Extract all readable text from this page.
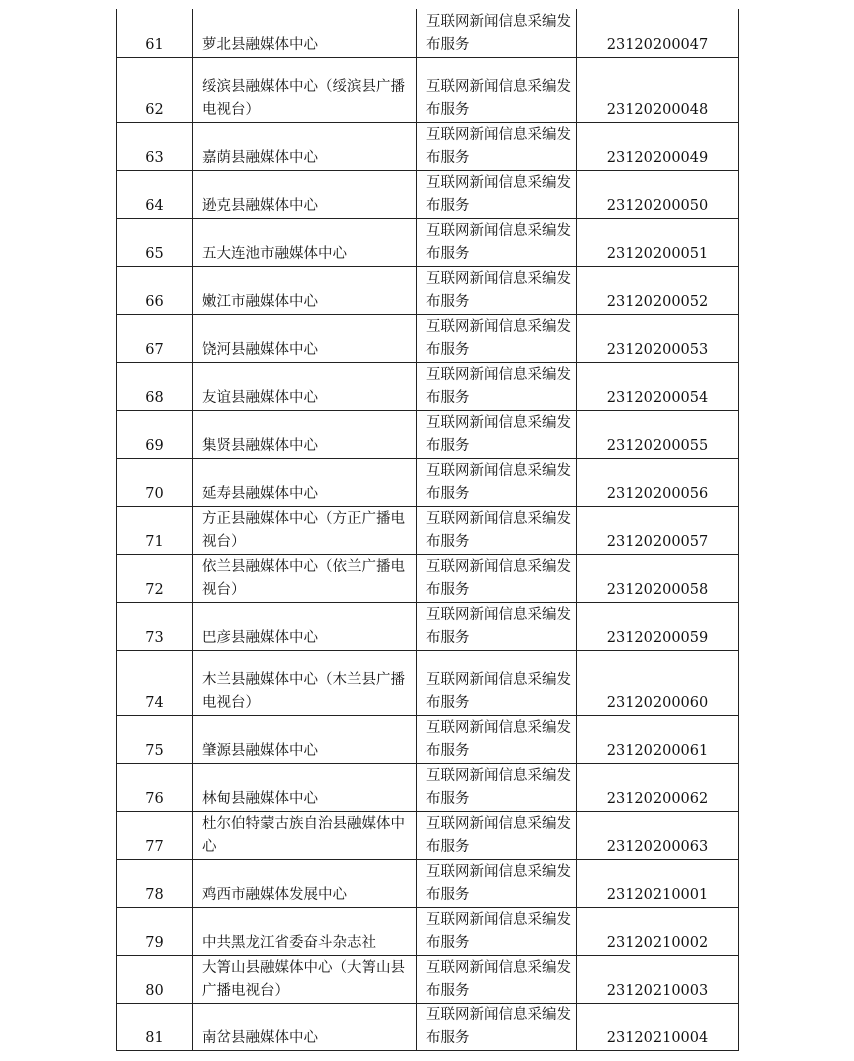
61	萝北县融媒体中心	互联网新闻信息采编发布服务	23120200047
62	绥滨县融媒体中心（绥滨县广播电视台）	互联网新闻信息采编发布服务	23120200048
63	嘉荫县融媒体中心	互联网新闻信息采编发布服务	23120200049
64	逊克县融媒体中心	互联网新闻信息采编发布服务	23120200050
65	五大连池市融媒体中心	互联网新闻信息采编发布服务	23120200051
66	嫩江市融媒体中心	互联网新闻信息采编发布服务	23120200052
67	饶河县融媒体中心	互联网新闻信息采编发布服务	23120200053
68	友谊县融媒体中心	互联网新闻信息采编发布服务	23120200054
69	集贤县融媒体中心	互联网新闻信息采编发布服务	23120200055
70	延寿县融媒体中心	互联网新闻信息采编发布服务	23120200056
71	方正县融媒体中心（方正广播电视台）	互联网新闻信息采编发布服务	23120200057
72	依兰县融媒体中心（依兰广播电视台）	互联网新闻信息采编发布服务	23120200058
73	巴彦县融媒体中心	互联网新闻信息采编发布服务	23120200059
74	木兰县融媒体中心（木兰县广播电视台）	互联网新闻信息采编发布服务	23120200060
75	肇源县融媒体中心	互联网新闻信息采编发布服务	23120200061
76	林甸县融媒体中心	互联网新闻信息采编发布服务	23120200062
77	杜尔伯特蒙古族自治县融媒体中心	互联网新闻信息采编发布服务	23120200063
78	鸡西市融媒体发展中心	互联网新闻信息采编发布服务	23120210001
79	中共黑龙江省委奋斗杂志社	互联网新闻信息采编发布服务	23120210002
80	大箐山县融媒体中心（大箐山县广播电视台）	互联网新闻信息采编发布服务	23120210003
81	南岔县融媒体中心	互联网新闻信息采编发布服务	23120210004
